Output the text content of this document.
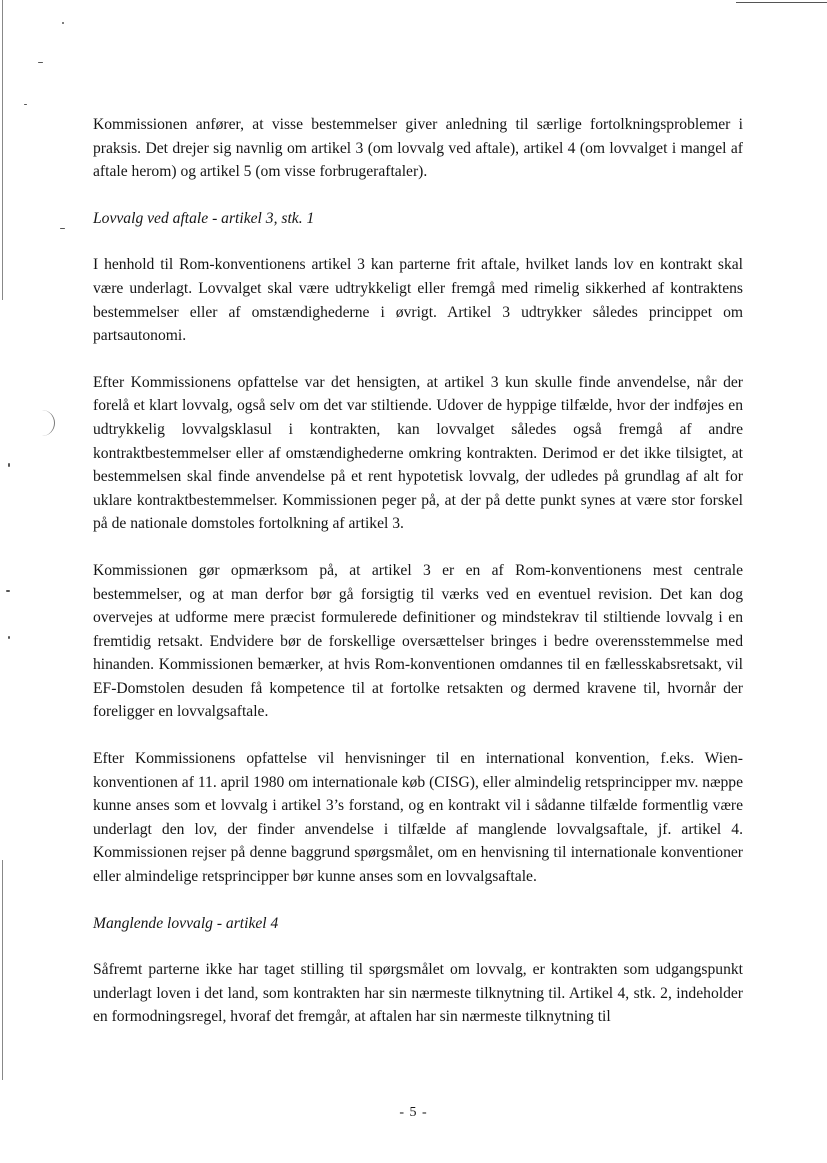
Kommissionen anfører, at visse bestemmelser giver anledning til særlige fortolkningsproblemer i praksis. Det drejer sig navnlig om artikel 3 (om lovvalg ved aftale), artikel 4 (om lovvalget i mangel af aftale herom) og artikel 5 (om visse forbrugeraftaler).

Lovvalg ved aftale - artikel 3, stk. 1

I henhold til Rom-konventionens artikel 3 kan parterne frit aftale, hvilket lands lov en kontrakt skal være underlagt. Lovvalget skal være udtrykkeligt eller fremgå med rimelig sikkerhed af kontraktens bestemmelser eller af omstændighederne i øvrigt. Artikel 3 udtrykker således princippet om partsautonomi.

Efter Kommissionens opfattelse var det hensigten, at artikel 3 kun skulle finde anvendelse, når der forelå et klart lovvalg, også selv om det var stiltiende. Udover de hyppige tilfælde, hvor der indføjes en udtrykkelig lovvalgsklasul i kontrakten, kan lovvalget således også fremgå af andre kontraktbestemmelser eller af omstændighederne omkring kontrakten. Derimod er det ikke tilsigtet, at bestemmelsen skal finde anvendelse på et rent hypotetisk lovvalg, der udledes på grundlag af alt for uklare kontraktbestemmelser. Kommissionen peger på, at der på dette punkt synes at være stor forskel på de nationale domstoles fortolkning af artikel 3.

Kommissionen gør opmærksom på, at artikel 3 er en af Rom-konventionens mest centrale bestemmelser, og at man derfor bør gå forsigtig til værks ved en eventuel revision. Det kan dog overvejes at udforme mere præcist formulerede definitioner og mindstekrav til stiltiende lovvalg i en fremtidig retsakt. Endvidere bør de forskellige oversættelser bringes i bedre overensstemmelse med hinanden. Kommissionen bemærker, at hvis Rom-konventionen omdannes til en fællesskabsretsakt, vil EF-Domstolen desuden få kompetence til at fortolke retsakten og dermed kravene til, hvornår der foreligger en lovvalgsaftale.

Efter Kommissionens opfattelse vil henvisninger til en international konvention, f.eks. Wien-konventionen af 11. april 1980 om internationale køb (CISG), eller almindelig retsprincipper mv. næppe kunne anses som et lovvalg i artikel 3’s forstand, og en kontrakt vil i sådanne tilfælde formentlig være underlagt den lov, der finder anvendelse i tilfælde af manglende lovvalgsaftale, jf. artikel 4. Kommissionen rejser på denne baggrund spørgsmålet, om en henvisning til internationale konventioner eller almindelige retsprincipper bør kunne anses som en lovvalgsaftale.

Manglende lovvalg - artikel 4

Såfremt parterne ikke har taget stilling til spørgsmålet om lovvalg, er kontrakten som udgangspunkt underlagt loven i det land, som kontrakten har sin nærmeste tilknytning til. Artikel 4, stk. 2, indeholder en formodningsregel, hvoraf det fremgår, at aftalen har sin nærmeste tilknytning til

- 5 -
